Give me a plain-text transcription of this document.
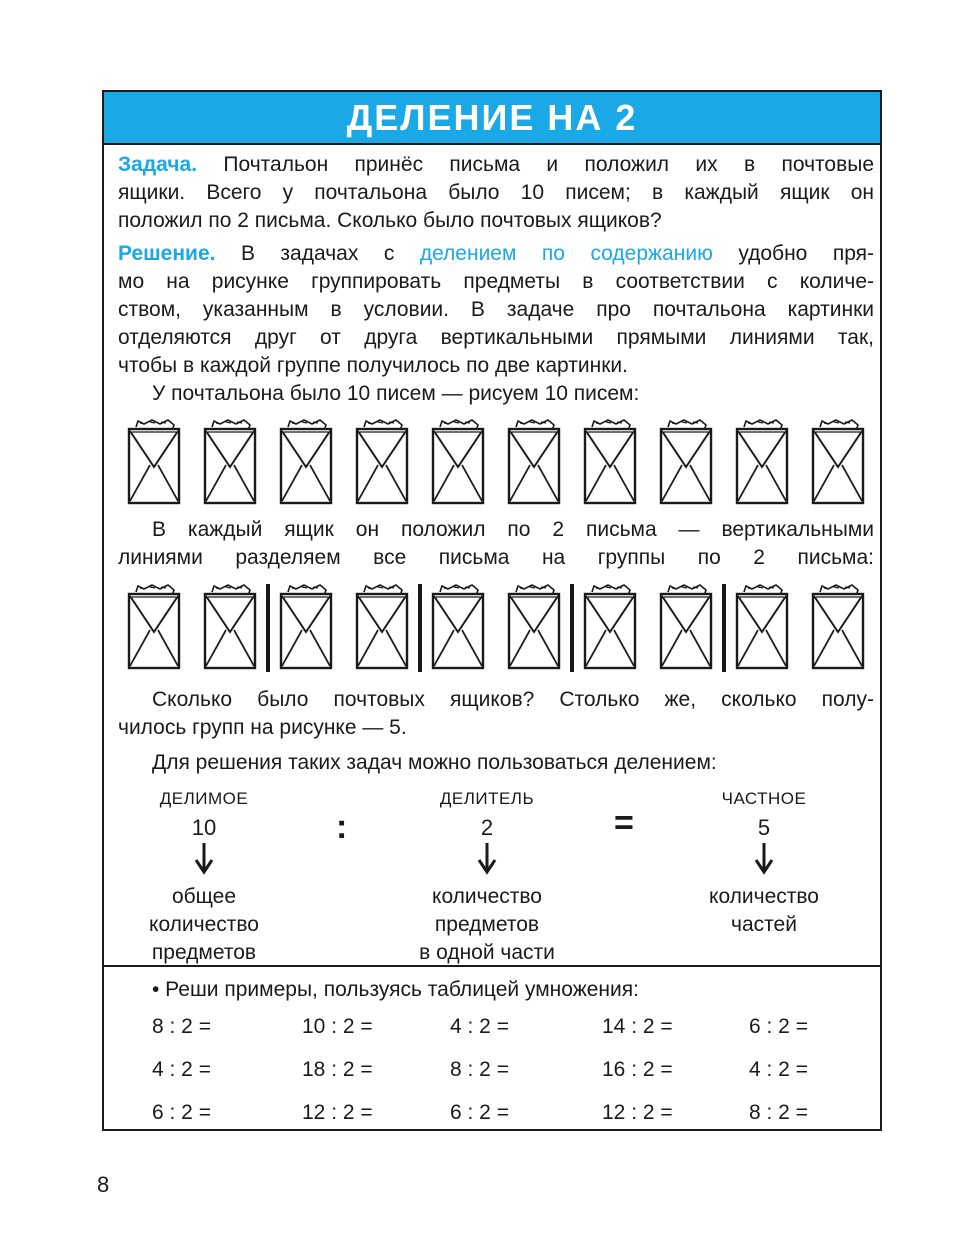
ДЕЛЕНИЕ НА 2
Задача. Почтальон принёс письма и положил их в почтовые
ящики. Всего у почтальона было 10 писем; в каждый ящик он
положил по 2 письма. Сколько было почтовых ящиков?
Решение. В задачах с делением по содержанию удобно пря-
мо на рисунке группировать предметы в соответствии с количе-
ством, указанным в условии. В задаче про почтальона картинки
отделяются друг от друга вертикальными прямыми линиями так,
чтобы в каждой группе получилось по две картинки.
У почтальона было 10 писем — рисуем 10 писем:
В каждый ящик он положил по 2 письма — вертикальными
линиями разделяем все письма на группы по 2 письма:
Сколько было почтовых ящиков? Столько же, сколько полу-
чилось групп на рисунке — 5.
Для решения таких задач можно пользоваться делением:
ДЕЛИМОЕ
10
общее
количество
предметов
:
ДЕЛИТЕЛЬ
2
количество
предметов
в одной части
=
ЧАСТНОЕ
5
количество
частей
• Реши примеры, пользуясь таблицей умножения:
8 : 2 =	10 : 2 =	4 : 2 =	14 : 2 =	6 : 2 =
4 : 2 =	18 : 2 =	8 : 2 =	16 : 2 =	4 : 2 =
6 : 2 =	12 : 2 =	6 : 2 =	12 : 2 =	8 : 2 =
8
